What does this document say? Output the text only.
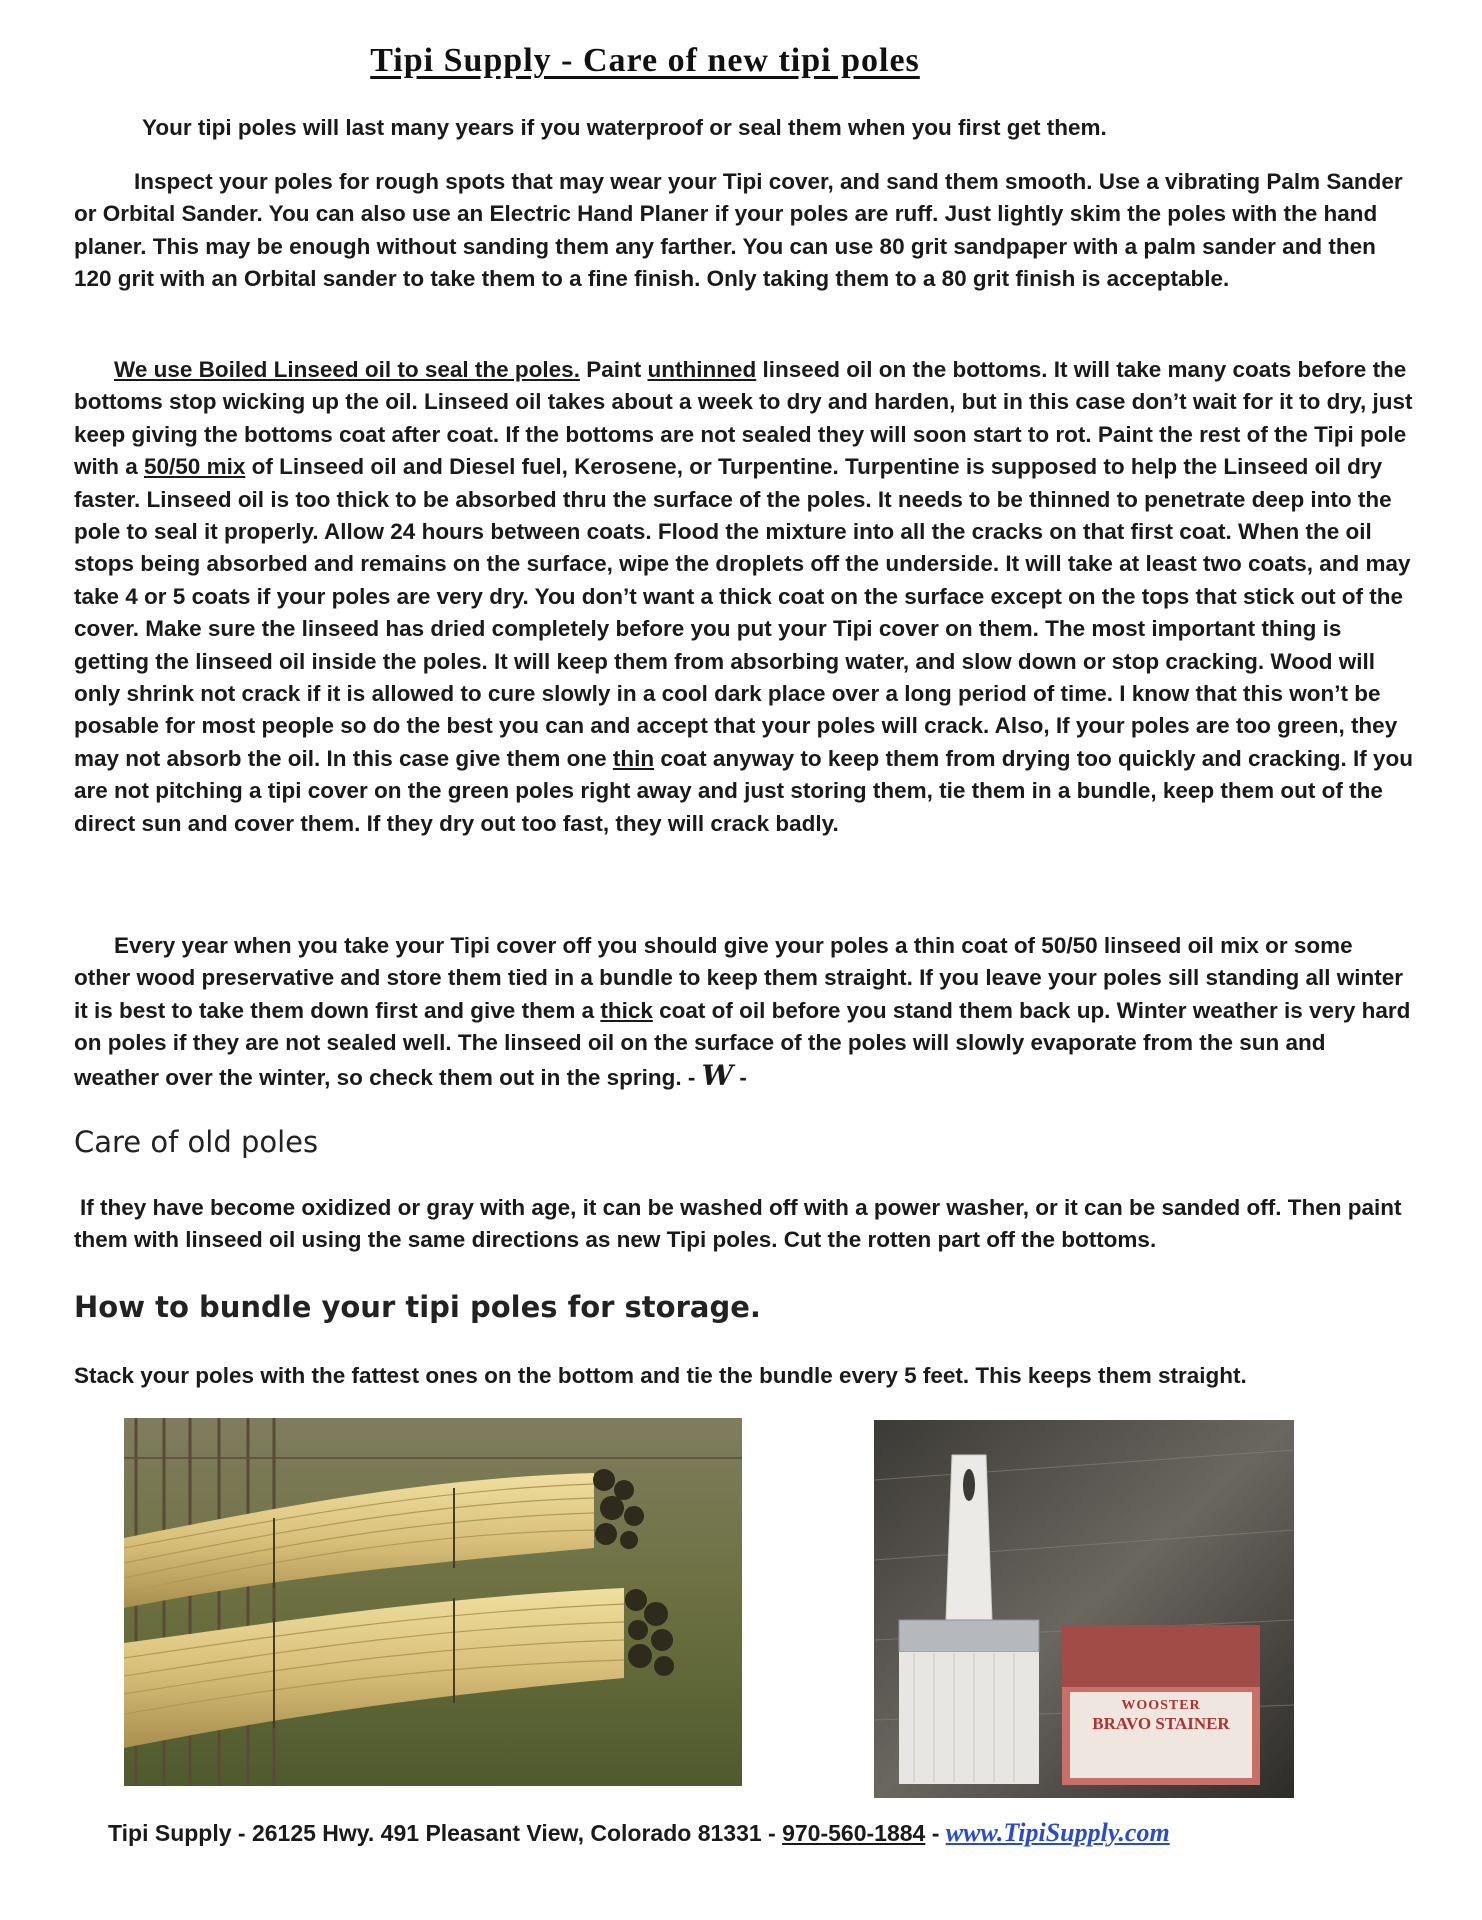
Tipi Supply - Care of new tipi poles

Your tipi poles will last many years if you waterproof or seal them when you first get them.

Inspect your poles for rough spots that may wear your Tipi cover, and sand them smooth. Use a vibrating Palm Sander or Orbital Sander. You can also use an Electric Hand Planer if your poles are ruff. Just lightly skim the poles with the hand planer. This may be enough without sanding them any farther. You can use 80 grit sandpaper with a palm sander and then 120 grit with an Orbital sander to take them to a fine finish. Only taking them to a 80 grit finish is acceptable.

We use Boiled Linseed oil to seal the poles. Paint unthinned linseed oil on the bottoms. It will take many coats before the bottoms stop wicking up the oil. Linseed oil takes about a week to dry and harden, but in this case don’t wait for it to dry, just keep giving the bottoms coat after coat. If the bottoms are not sealed they will soon start to rot. Paint the rest of the Tipi pole with a 50/50 mix of Linseed oil and Diesel fuel, Kerosene, or Turpentine. Turpentine is supposed to help the Linseed oil dry faster. Linseed oil is too thick to be absorbed thru the surface of the poles. It needs to be thinned to penetrate deep into the pole to seal it properly. Allow 24 hours between coats. Flood the mixture into all the cracks on that first coat. When the oil stops being absorbed and remains on the surface, wipe the droplets off the underside. It will take at least two coats, and may take 4 or 5 coats if your poles are very dry. You don’t want a thick coat on the surface except on the tops that stick out of the cover. Make sure the linseed has dried completely before you put your Tipi cover on them. The most important thing is getting the linseed oil inside the poles. It will keep them from absorbing water, and slow down or stop cracking. Wood will only shrink not crack if it is allowed to cure slowly in a cool dark place over a long period of time. I know that this won’t be posable for most people so do the best you can and accept that your poles will crack. Also, If your poles are too green, they may not absorb the oil. In this case give them one thin coat anyway to keep them from drying too quickly and cracking. If you are not pitching a tipi cover on the green poles right away and just storing them, tie them in a bundle, keep them out of the direct sun and cover them. If they dry out too fast, they will crack badly.

Every year when you take your Tipi cover off you should give your poles a thin coat of 50/50 linseed oil mix or some other wood preservative and store them tied in a bundle to keep them straight. If you leave your poles sill standing all winter it is best to take them down first and give them a thick coat of oil before you stand them back up. Winter weather is very hard on poles if they are not sealed well. The linseed oil on the surface of the poles will slowly evaporate from the sun and weather over the winter, so check them out in the spring. - W -

Care of old poles

If they have become oxidized or gray with age, it can be washed off with a power washer, or it can be sanded off. Then paint them with linseed oil using the same directions as new Tipi poles. Cut the rotten part off the bottoms.

How to bundle your tipi poles for storage.

Stack your poles with the fattest ones on the bottom and tie the bundle every 5 feet. This keeps them straight.

WOOSTER
BRAVO STAINER
Tipi Supply - 26125 Hwy. 491 Pleasant View, Colorado 81331 - 970-560-1884 - www.TipiSupply.com
